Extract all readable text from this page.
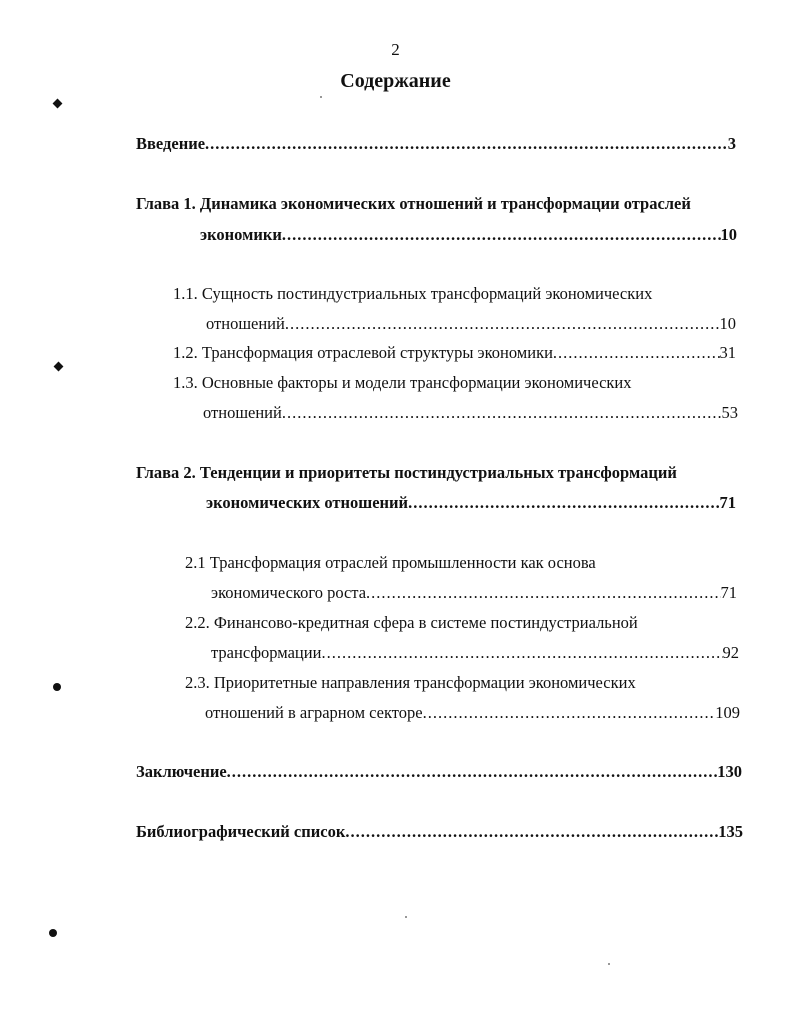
2
Содержание
Введение .....	3
Глава 1. Динамика экономических отношений и трансформации отраслей
экономики .....	10
1.1. Сущность постиндустриальных трансформаций экономических
отношений .....	10
1.2. Трансформация отраслевой структуры экономики .....	31
1.3. Основные факторы и модели трансформации экономических
отношений .....	53
Глава 2. Тенденции и приоритеты постиндустриальных трансформаций
экономических отношений .....	71
2.1 Трансформация отраслей промышленности как основа
экономического роста .....	71
2.2. Финансово-кредитная сфера в системе постиндустриальной
трансформации .....	92
2.3. Приоритетные направления трансформации экономических
отношений в аграрном секторе .....	109
Заключение .....	130
Библиографический список .....	135
